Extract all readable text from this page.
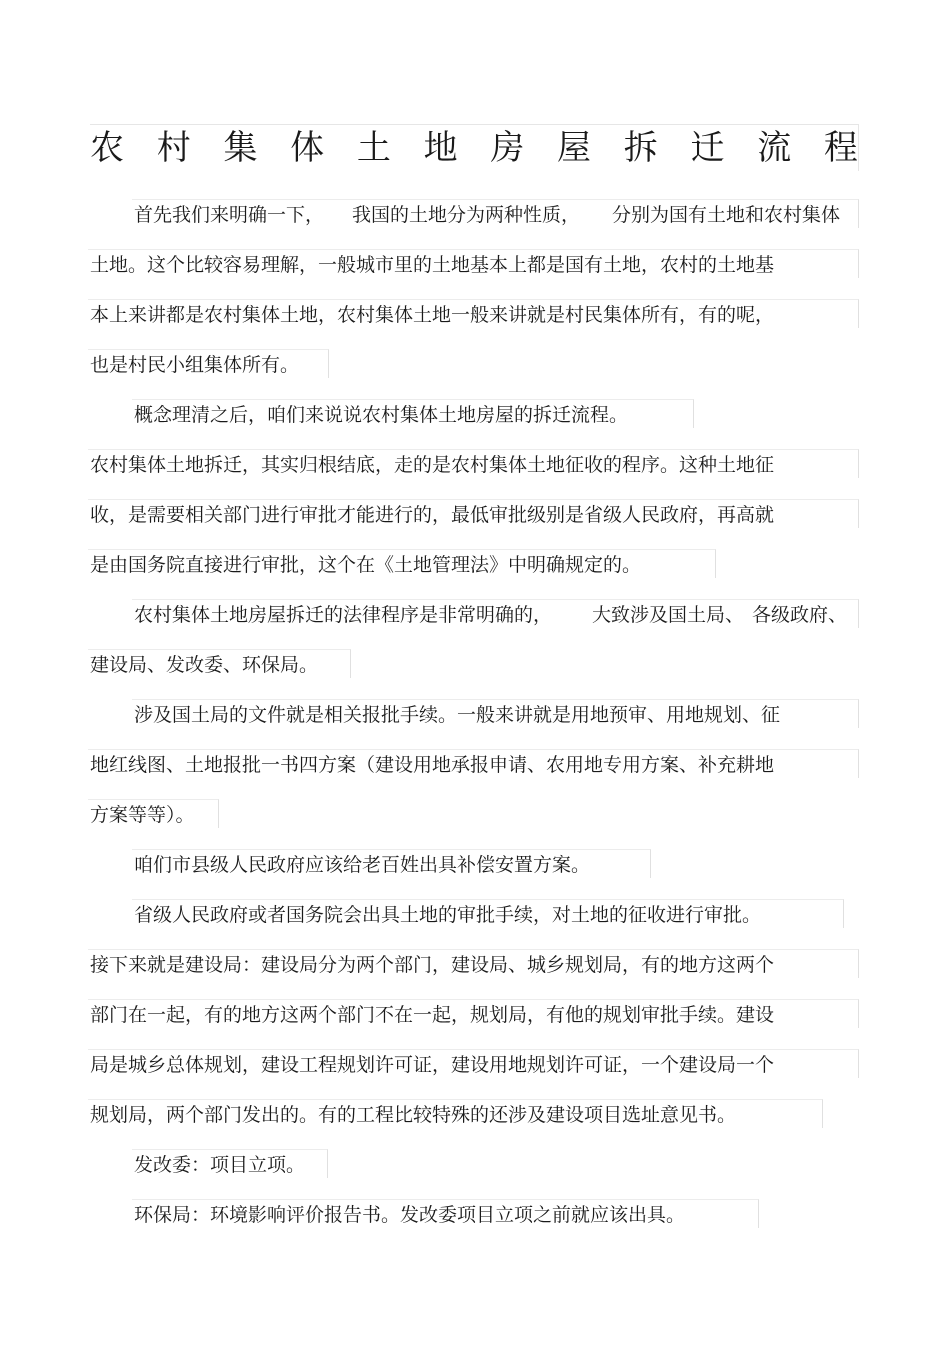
农 村 集 体 土 地 房 屋 拆 迁 流 程
首先我们来明确一下， 我国的土地分为两种性质， 分别为国有土地和农村集体
土地。这个比较容易理解，一般城市里的土地基本上都是国有土地，农村的土地基
本上来讲都是农村集体土地，农村集体土地一般来讲就是村民集体所有，有的呢，
也是村民小组集体所有。
概念理清之后，咱们来说说农村集体土地房屋的拆迁流程。
农村集体土地拆迁，其实归根结底，走的是农村集体土地征收的程序。这种土地征
收，是需要相关部门进行审批才能进行的，最低审批级别是省级人民政府，再高就
是由国务院直接进行审批，这个在《土地管理法》中明确规定的。
农村集体土地房屋拆迁的法律程序是非常明确的， 大致涉及国土局、 各级政府、
建设局、发改委、环保局。
涉及国土局的文件就是相关报批手续。一般来讲就是用地预审、用地规划、征
地红线图、土地报批一书四方案（建设用地承报申请、农用地专用方案、补充耕地
方案等等）。
咱们市县级人民政府应该给老百姓出具补偿安置方案。
省级人民政府或者国务院会出具土地的审批手续，对土地的征收进行审批。
接下来就是建设局：建设局分为两个部门，建设局、城乡规划局，有的地方这两个
部门在一起，有的地方这两个部门不在一起，规划局，有他的规划审批手续。建设
局是城乡总体规划，建设工程规划许可证，建设用地规划许可证，一个建设局一个
规划局，两个部门发出的。有的工程比较特殊的还涉及建设项目选址意见书。
发改委：项目立项。
环保局：环境影响评价报告书。发改委项目立项之前就应该出具。
